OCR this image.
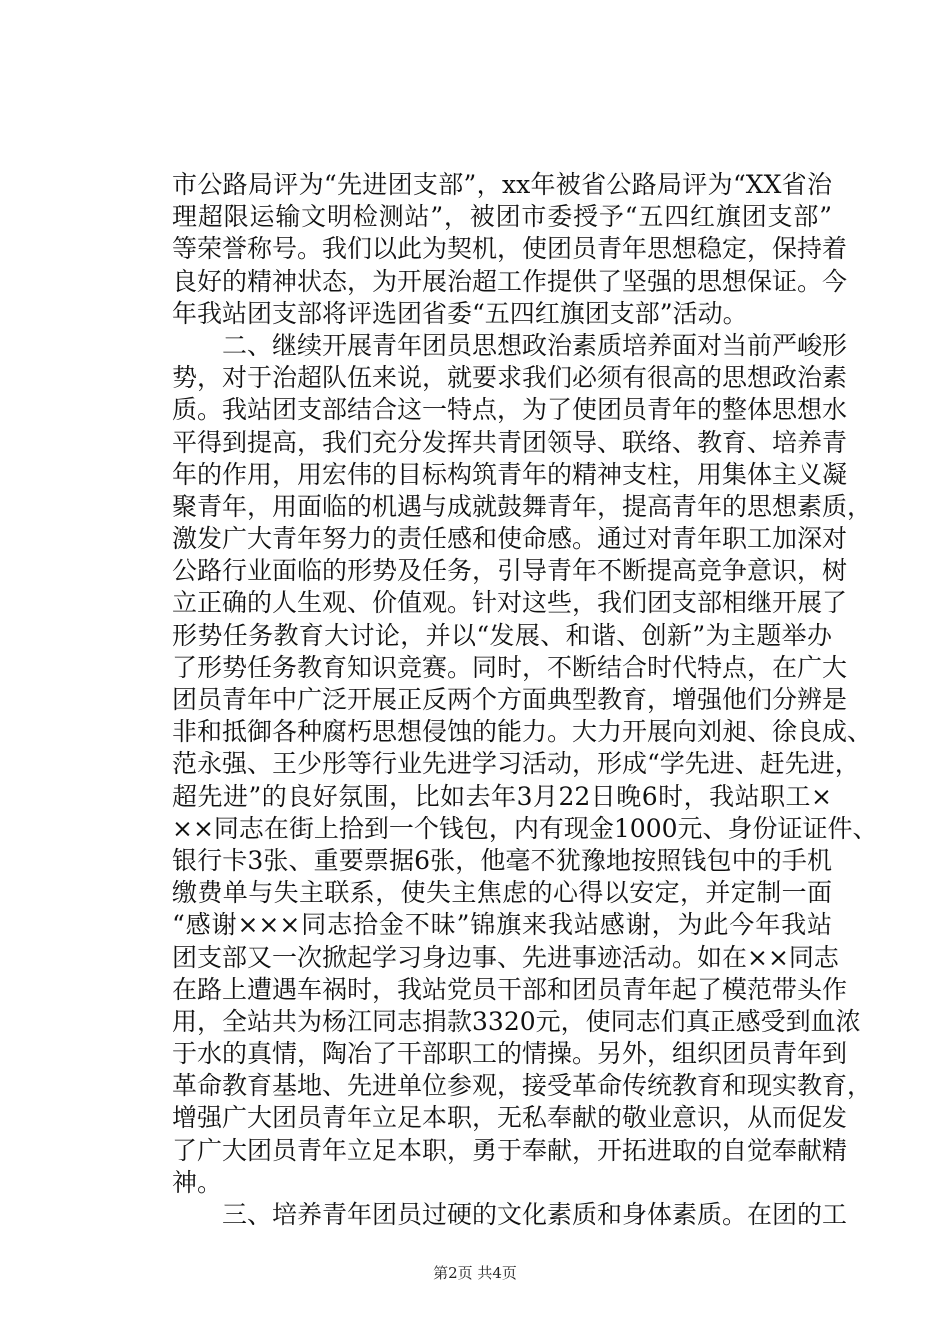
市公路局评为“先进团支部”，xx年被省公路局评为“XX省治
理超限运输文明检测站”，被团市委授予“五四红旗团支部”
等荣誉称号。我们以此为契机，使团员青年思想稳定，保持着
良好的精神状态，为开展治超工作提供了坚强的思想保证。今
年我站团支部将评选团省委“五四红旗团支部”活动。
　　二、继续开展青年团员思想政治素质培养面对当前严峻形
势，对于治超队伍来说，就要求我们必须有很高的思想政治素
质。我站团支部结合这一特点，为了使团员青年的整体思想水
平得到提高，我们充分发挥共青团领导、联络、教育、培养青
年的作用，用宏伟的目标构筑青年的精神支柱，用集体主义凝
聚青年，用面临的机遇与成就鼓舞青年，提高青年的思想素质，
激发广大青年努力的责任感和使命感。通过对青年职工加深对
公路行业面临的形势及任务，引导青年不断提高竞争意识，树
立正确的人生观、价值观。针对这些，我们团支部相继开展了
形势任务教育大讨论，并以“发展、和谐、创新”为主题举办
了形势任务教育知识竞赛。同时，不断结合时代特点，在广大
团员青年中广泛开展正反两个方面典型教育，增强他们分辨是
非和抵御各种腐朽思想侵蚀的能力。大力开展向刘昶、徐良成、
范永强、王少彤等行业先进学习活动，形成“学先进、赶先进，
超先进”的良好氛围，比如去年3月22日晚6时，我站职工×
××同志在街上拾到一个钱包，内有现金1000元、身份证证件、
银行卡3张、重要票据6张，他毫不犹豫地按照钱包中的手机
缴费单与失主联系，使失主焦虑的心得以安定，并定制一面
“感谢×××同志拾金不昧”锦旗来我站感谢，为此今年我站
团支部又一次掀起学习身边事、先进事迹活动。如在××同志
在路上遭遇车祸时，我站党员干部和团员青年起了模范带头作
用，全站共为杨江同志捐款3320元，使同志们真正感受到血浓
于水的真情，陶冶了干部职工的情操。另外，组织团员青年到
革命教育基地、先进单位参观，接受革命传统教育和现实教育，
增强广大团员青年立足本职，无私奉献的敬业意识，从而促发
了广大团员青年立足本职，勇于奉献，开拓进取的自觉奉献精
神。
　　三、培养青年团员过硬的文化素质和身体素质。在团的工
第2页 共4页
